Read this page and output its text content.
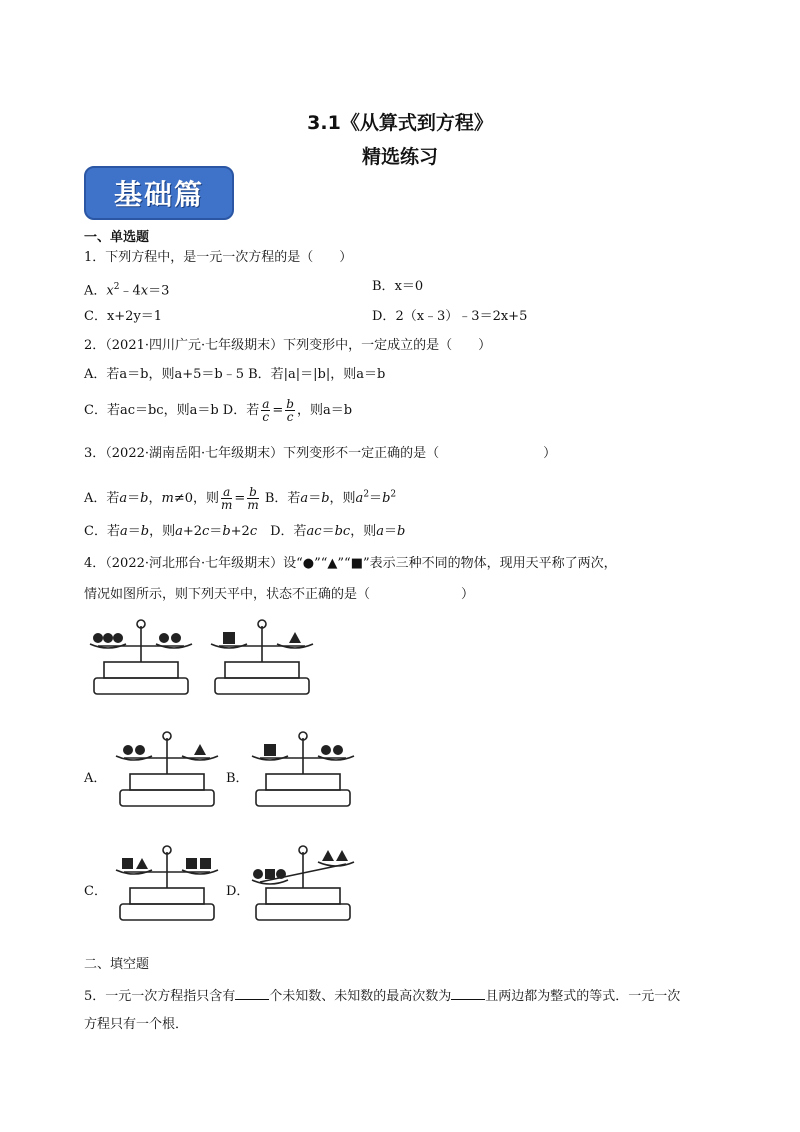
3.1《从算式到方程》
精选练习
基础篇
一、单选题
1．下列方程中，是一元一次方程的是（　　）
A．$x^2﹣4x=3$	B．x＝0
C．x+2y＝1	D．2（x﹣3）﹣3＝2x+5
2．（2021·四川广元·七年级期末）下列变形中，一定成立的是（　　）
A．若a＝b，则a+5＝b﹣5 B．若|a|＝|b|，则a＝b
C．若ac＝bc，则a＝b D．若 $\frac{a}{c} = \frac{b}{c}$ ，则a＝b
3．（2022·湖南岳阳·七年级期末）下列变形不一定正确的是（　　　　　　　　）
A．若a＝b，m≠0，则 $\frac{a}{m} = \frac{b}{m}$ B．若a＝b，则$a^2=b^2$
C．若a＝b，则a+2c＝b+2c　 D．若ac＝bc，则a＝b
4．（2022·河北邢台·七年级期末）设“●”“▲”“■”表示三种不同的物体，现用天平称了两次，
情况如图所示，则下列天平中，状态不正确的是（　　　　　　　）
A．	B．
C．	D．
二、填空题
5．一元一次方程指只含有	个未知数、未知数的最高次数为	且两边都为整式的等式．一元一次
方程只有一个根．
